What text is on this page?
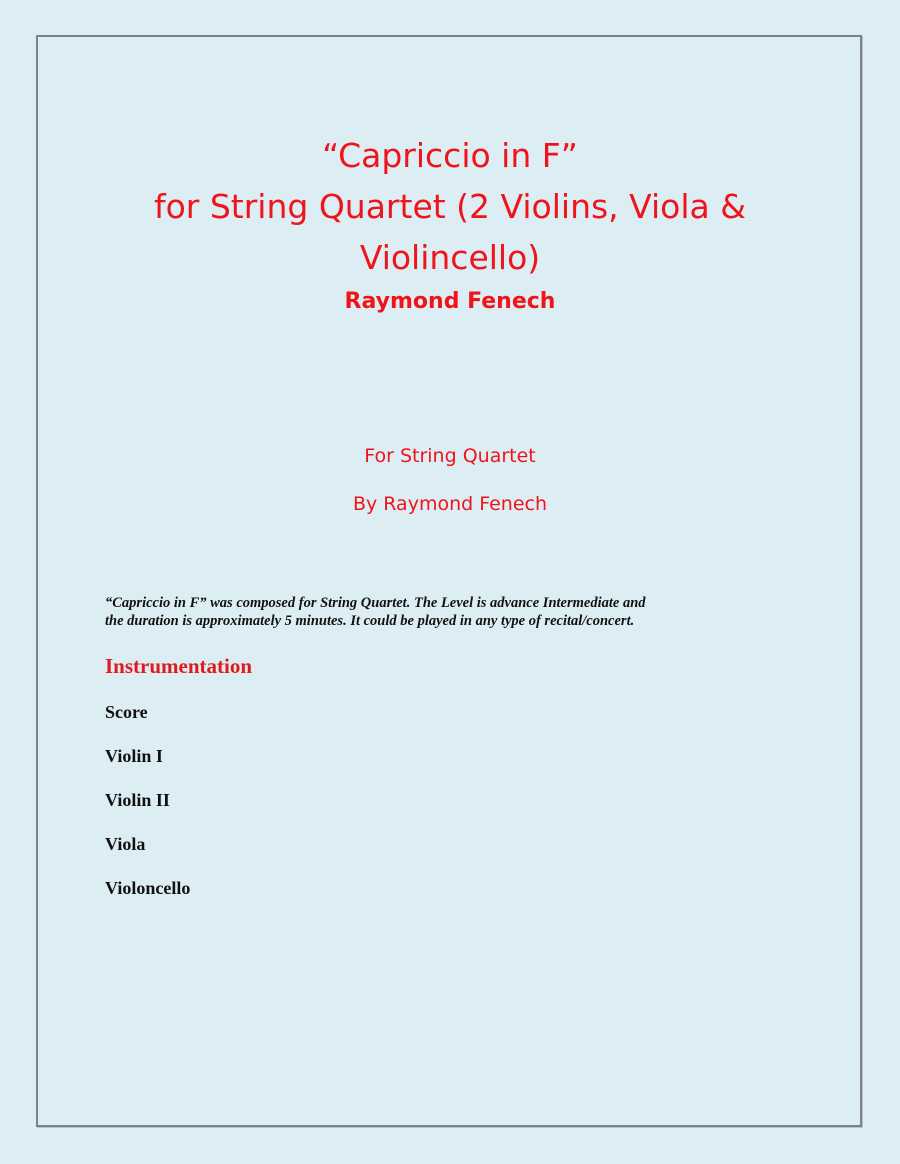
“Capriccio in F”

for String Quartet (2 Violins, Viola &

Violincello)

Raymond Fenech

For String Quartet
By Raymond Fenech
“Capriccio in F” was composed for String Quartet. The Level is advance Intermediate and
the duration is approximately 5 minutes. It could be played in any type of recital/concert.
Instrumentation
Score
Violin I
Violin II
Viola
Violoncello
